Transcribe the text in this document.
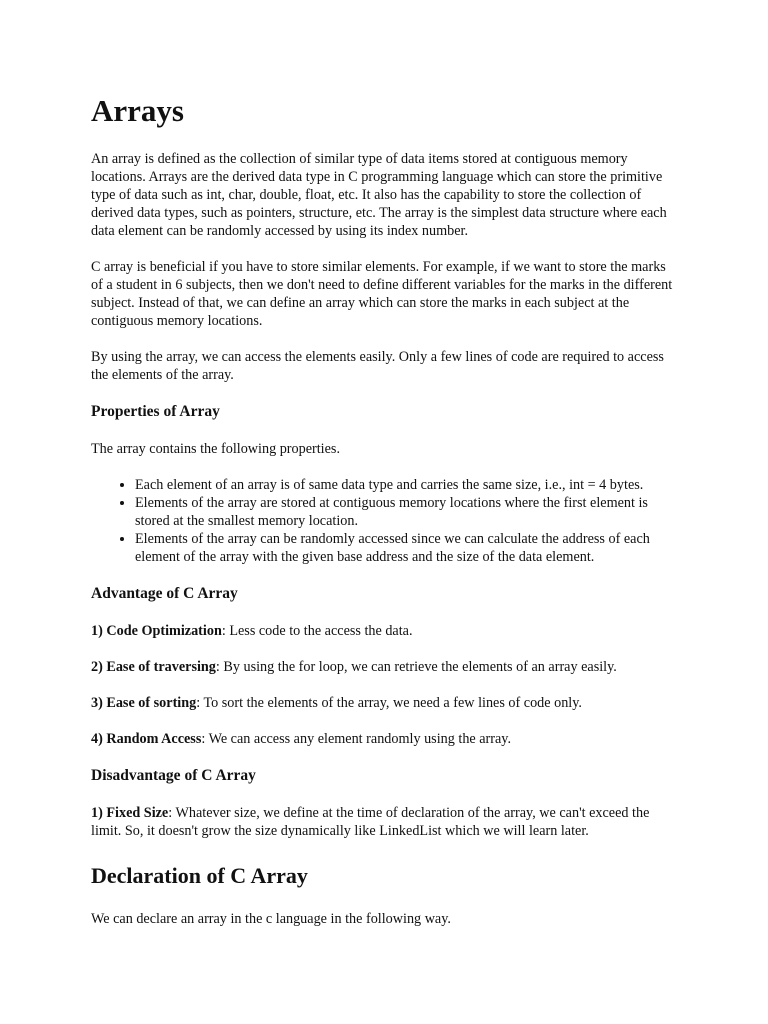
Arrays

An array is defined as the collection of similar type of data items stored at contiguous memory locations. Arrays are the derived data type in C programming language which can store the primitive type of data such as int, char, double, float, etc. It also has the capability to store the collection of derived data types, such as pointers, structure, etc. The array is the simplest data structure where each data element can be randomly accessed by using its index number.

C array is beneficial if you have to store similar elements. For example, if we want to store the marks of a student in 6 subjects, then we don't need to define different variables for the marks in the different subject. Instead of that, we can define an array which can store the marks in each subject at the contiguous memory locations.

By using the array, we can access the elements easily. Only a few lines of code are required to access the elements of the array.

Properties of Array

The array contains the following properties.

• Each element of an array is of same data type and carries the same size, i.e., int = 4 bytes.
• Elements of the array are stored at contiguous memory locations where the first element is stored at the smallest memory location.
• Elements of the array can be randomly accessed since we can calculate the address of each element of the array with the given base address and the size of the data element.
Advantage of C Array

1) Code Optimization: Less code to the access the data.

2) Ease of traversing: By using the for loop, we can retrieve the elements of an array easily.

3) Ease of sorting: To sort the elements of the array, we need a few lines of code only.

4) Random Access: We can access any element randomly using the array.

Disadvantage of C Array

1) Fixed Size: Whatever size, we define at the time of declaration of the array, we can't exceed the limit. So, it doesn't grow the size dynamically like LinkedList which we will learn later.

Declaration of C Array

We can declare an array in the c language in the following way.
